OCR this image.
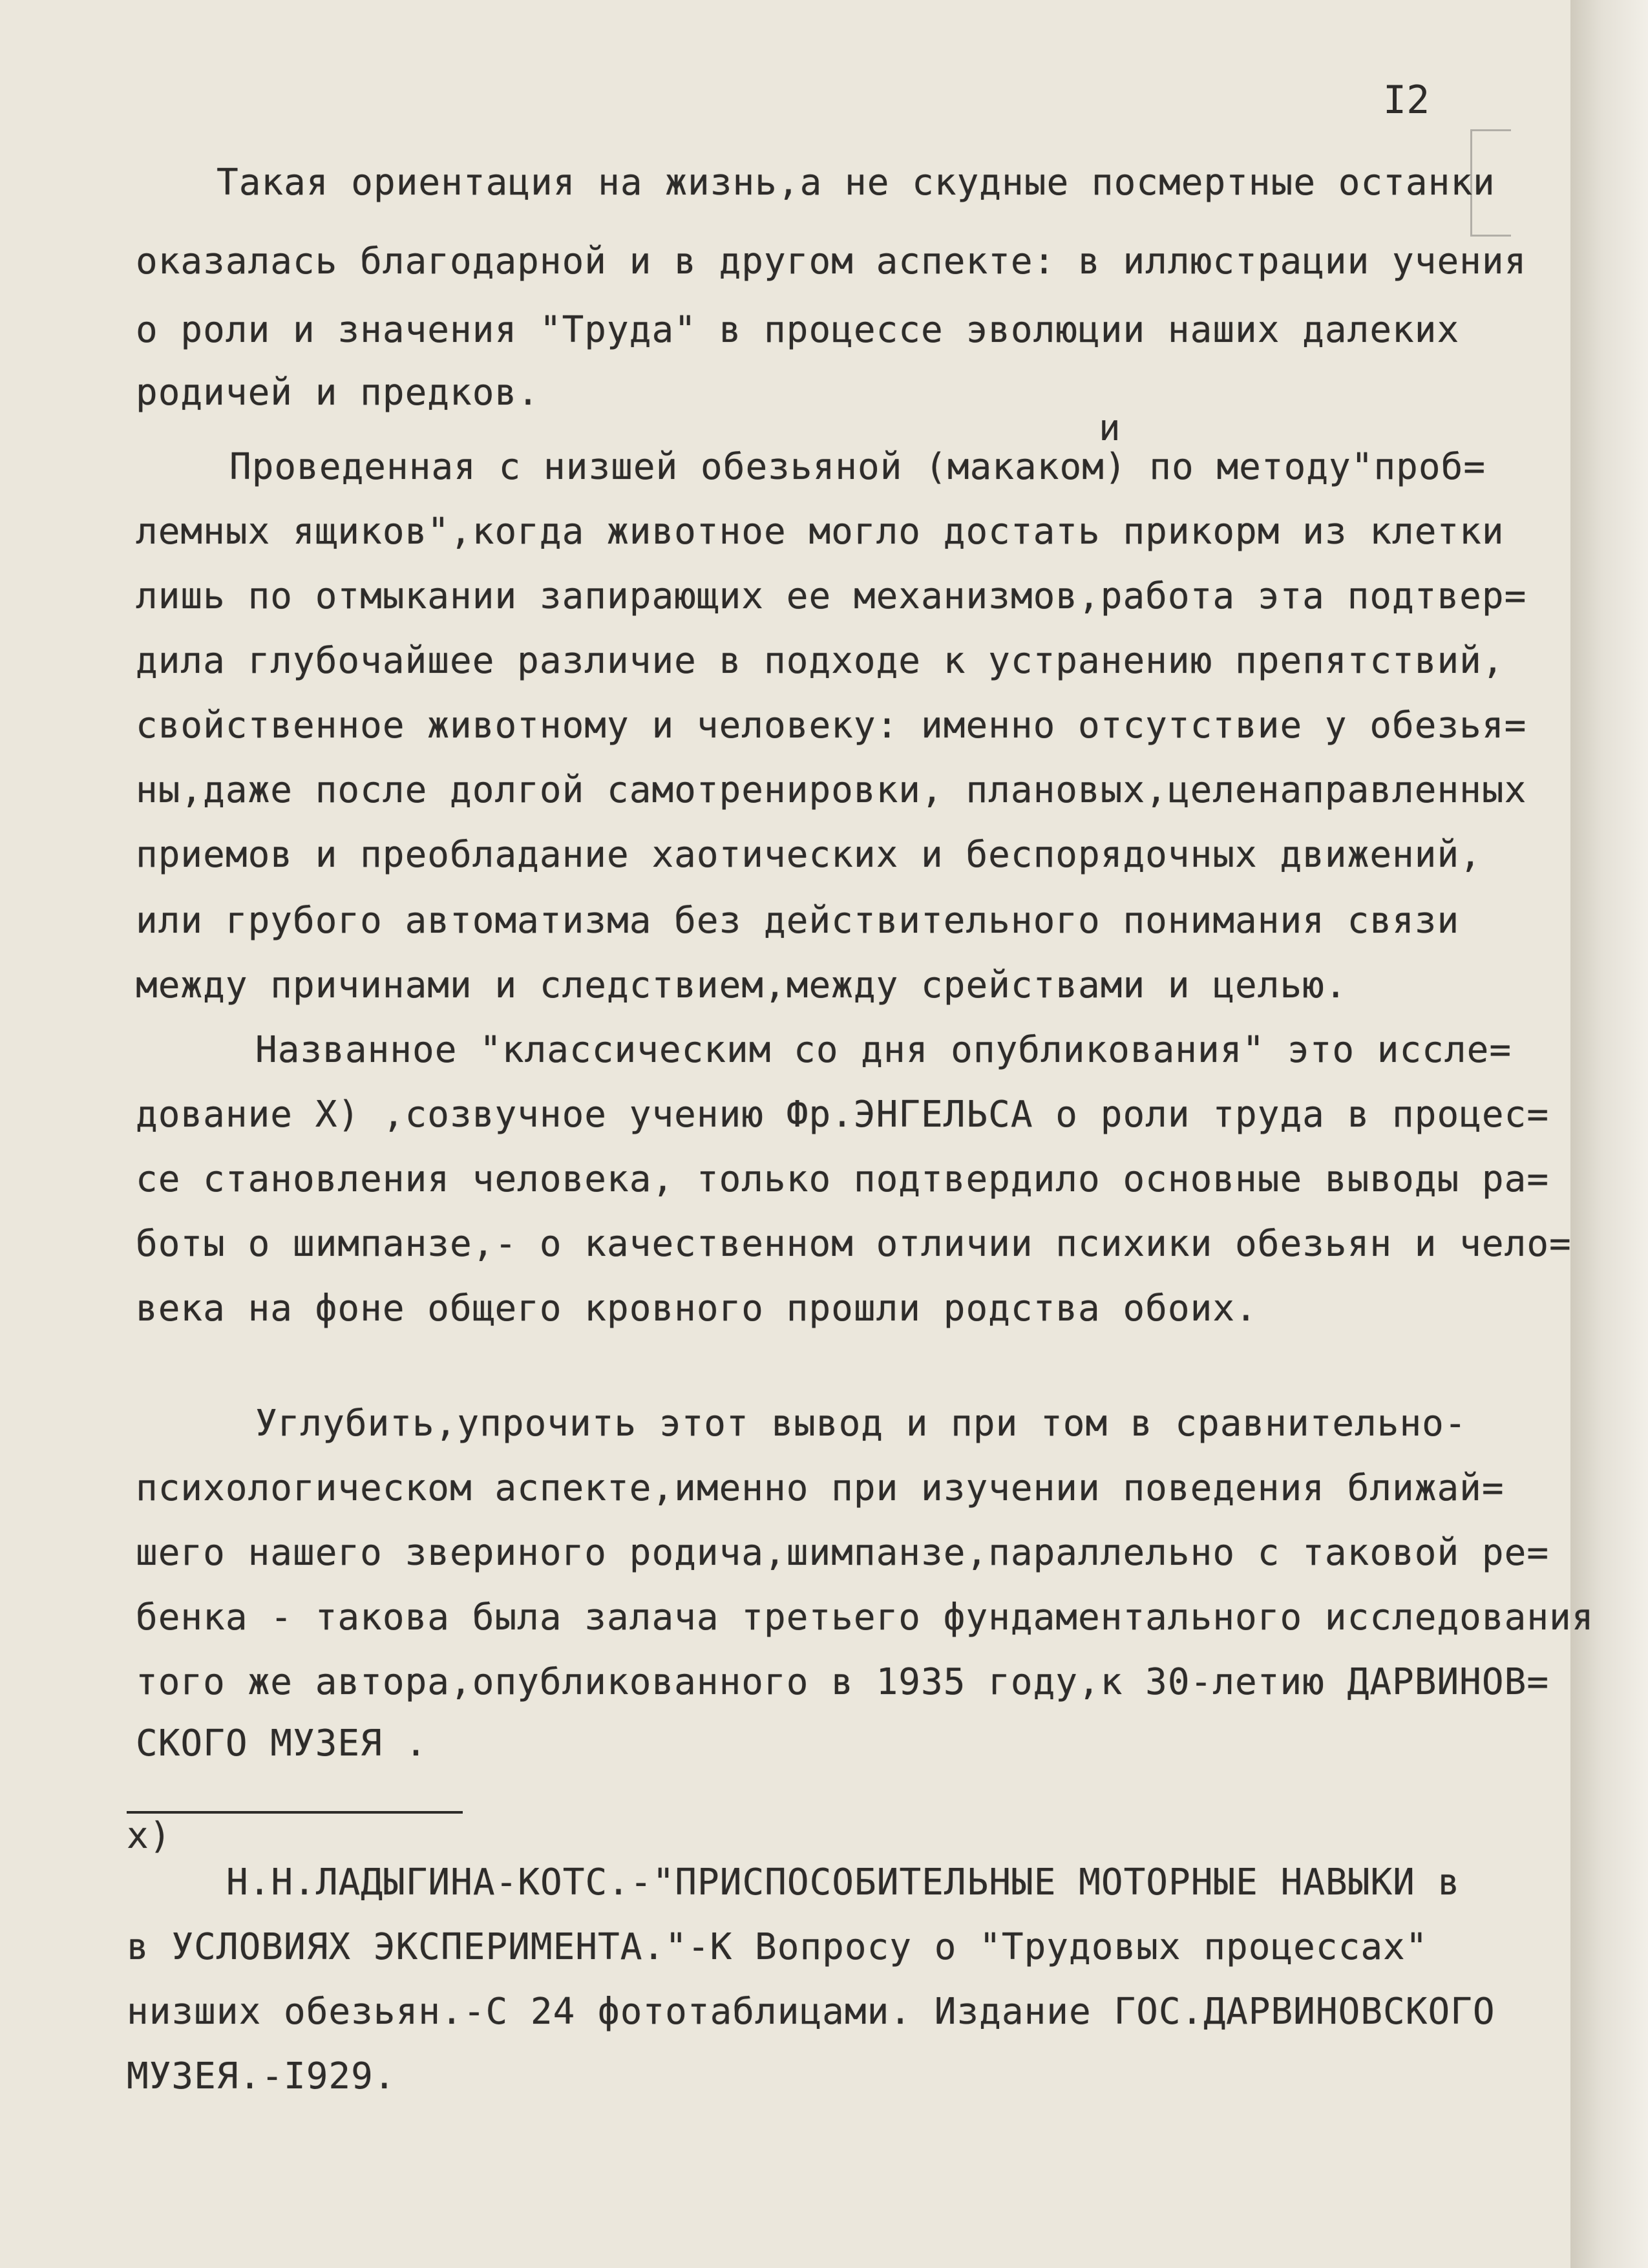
I2
Такая ориентация на жизнь,а не скудные посмертные останки
оказалась благодарной и в другом аспекте: в иллюстрации учения
о роли и значения "Труда" в процессе эволюции наших далеких
родичей и предков.
и
Проведенная с низшей обезьяной (макаком) по методу"проб=
лемных ящиков",когда животное могло достать прикорм из клетки
лишь по отмыкании запирающих ее механизмов,работа эта подтвер=
дила глубочайшее различие в подходе к устранению препятствий,
свойственное животному и человеку: именно отсутствие у обезья=
ны,даже после долгой самотренировки, плановых,целенаправленных
приемов и преобладание хаотических и беспорядочных движений,
или грубого автоматизма без действительного понимания связи
между причинами и следствием,между срействами и целью.
Названное "классическим со дня опубликования" это иссле=
дование Х) ,созвучное учению Фр.ЭНГЕЛЬСА о роли труда в процес=
се становления человека, только подтвердило основные выводы ра=
боты о шимпанзе,- о качественном отличии психики обезьян и чело=
века на фоне общего кровного прошли родства обоих.
Углубить,упрочить этот вывод и при том в сравнительно-
психологическом аспекте,именно при изучении поведения ближай=
шего нашего звериного родича,шимпанзе,параллельно с таковой ре=
бенка - такова была залача третьего фундаментального исследования
того же автора,опубликованного в 1935 году,к 30-летию ДАРВИНОВ=
СКОГО МУЗЕЯ .
х)
Н.Н.ЛАДЫГИНА-КОТС.-"ПРИСПОСОБИТЕЛЬНЫЕ МОТОРНЫЕ НАВЫКИ в
в УСЛОВИЯХ ЭКСПЕРИМЕНТА."-К Вопросу о "Трудовых процессах"
низших обезьян.-С 24 фототаблицами. Издание ГОС.ДАРВИНОВСКОГО
МУЗЕЯ.-I929.
